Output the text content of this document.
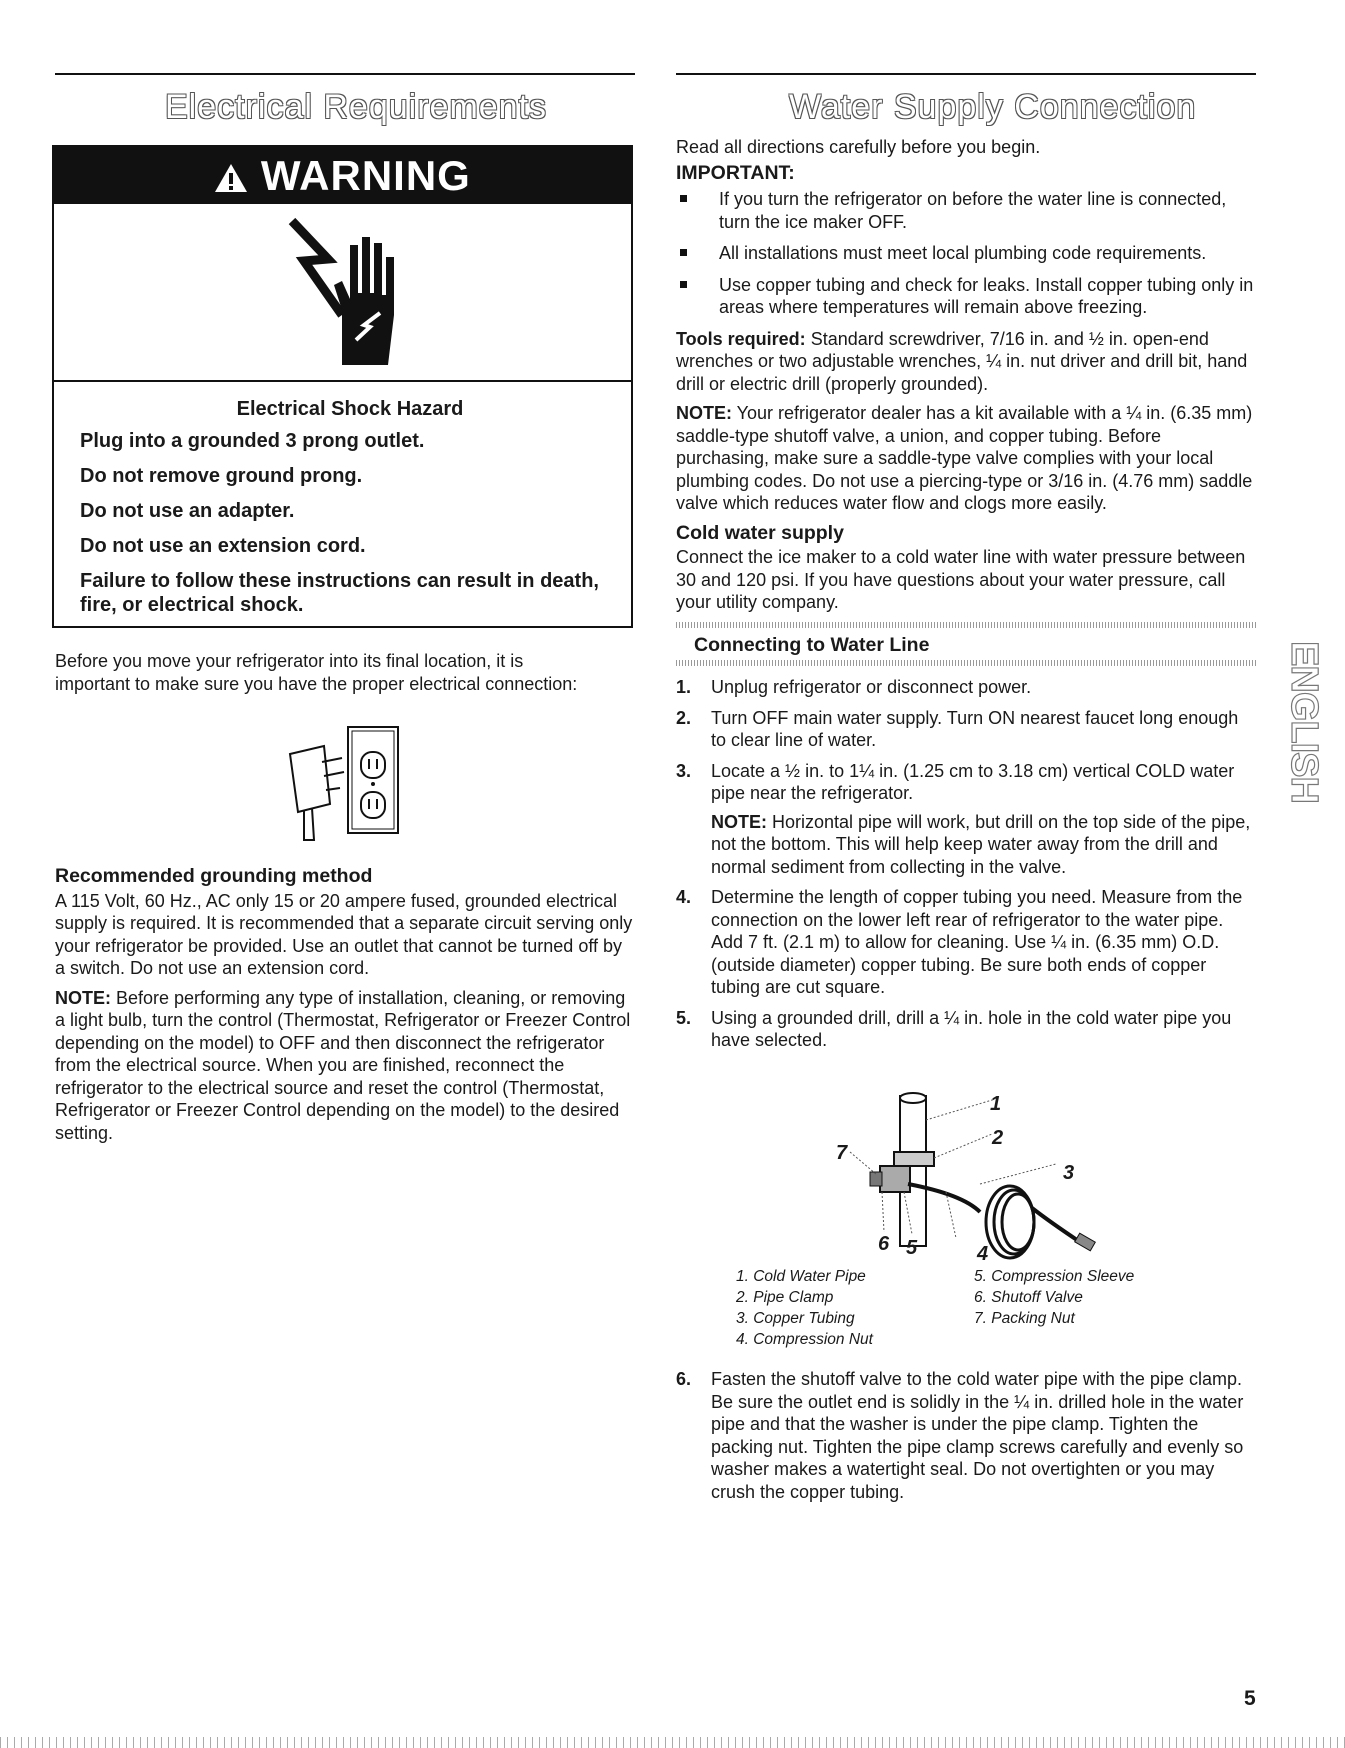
Electrical Requirements	Water Supply Connection
WARNING
Electrical Shock Hazard
Plug into a grounded 3 prong outlet.
Do not remove ground prong.
Do not use an adapter.
Do not use an extension cord.
Failure to follow these instructions can result in death, fire, or electrical shock.

Before you move your refrigerator into its final location, it is important to make sure you have the proper electrical connection:

Recommended grounding method

A 115 Volt, 60 Hz., AC only 15 or 20 ampere fused, grounded electrical supply is required. It is recommended that a separate circuit serving only your refrigerator be provided. Use an outlet that cannot be turned off by a switch. Do not use an extension cord.

NOTE: Before performing any type of installation, cleaning, or removing a light bulb, turn the control (Thermostat, Refrigerator or Freezer Control depending on the model) to OFF and then disconnect the refrigerator from the electrical source. When you are finished, reconnect the refrigerator to the electrical source and reset the control (Thermostat, Refrigerator or Freezer Control depending on the model) to the desired setting.

Read all directions carefully before you begin.

IMPORTANT:
If you turn the refrigerator on before the water line is connected, turn the ice maker OFF.
All installations must meet local plumbing code requirements.
Use copper tubing and check for leaks. Install copper tubing only in areas where temperatures will remain above freezing.

Tools required: Standard screwdriver, 7/16 in. and ½ in. open-end wrenches or two adjustable wrenches, ¼ in. nut driver and drill bit, hand drill or electric drill (properly grounded).

NOTE: Your refrigerator dealer has a kit available with a ¼ in. (6.35 mm) saddle-type shutoff valve, a union, and copper tubing. Before purchasing, make sure a saddle-type valve complies with your local plumbing codes. Do not use a piercing-type or 3/16 in. (4.76 mm) saddle valve which reduces water flow and clogs more easily.

Cold water supply

Connect the ice maker to a cold water line with water pressure between 30 and 120 psi. If you have questions about your water pressure, call your utility company.

Connecting to Water Line
1. Unplug refrigerator or disconnect power.
2. Turn OFF main water supply. Turn ON nearest faucet long enough to clear line of water.
3. Locate a ½ in. to 1¼ in. (1.25 cm to 3.18 cm) vertical COLD water pipe near the refrigerator.
NOTE: Horizontal pipe will work, but drill on the top side of the pipe, not the bottom. This will help keep water away from the drill and normal sediment from collecting in the valve.
4. Determine the length of copper tubing you need. Measure from the connection on the lower left rear of refrigerator to the water pipe. Add 7 ft. (2.1 m) to allow for cleaning. Use ¼ in. (6.35 mm) O.D. (outside diameter) copper tubing. Be sure both ends of copper tubing are cut square.
5. Using a grounded drill, drill a ¼ in. hole in the cold water pipe you have selected.
1
2
3
4
5
6
7
1. Cold Water Pipe
2. Pipe Clamp
3. Copper Tubing
4. Compression Nut
5. Compression Sleeve
6. Shutoff Valve
7. Packing Nut
6. Fasten the shutoff valve to the cold water pipe with the pipe clamp. Be sure the outlet end is solidly in the ¼ in. drilled hole in the water pipe and that the washer is under the pipe clamp. Tighten the packing nut. Tighten the pipe clamp screws carefully and evenly so washer makes a watertight seal. Do not overtighten or you may crush the copper tubing.
ENGLISH
5
